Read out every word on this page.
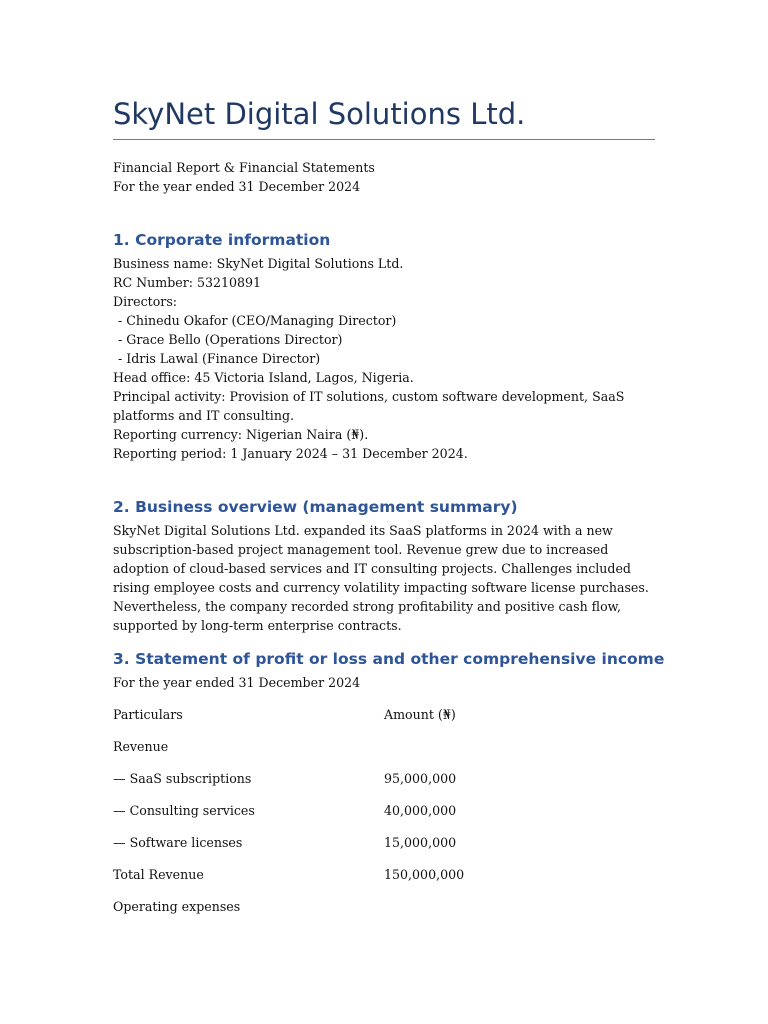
SkyNet Digital Solutions Ltd.
Financial Report & Financial Statements
For the year ended 31 December 2024
1. Corporate information
Business name: SkyNet Digital Solutions Ltd.
RC Number: 53210891
Directors:
- Chinedu Okafor (CEO/Managing Director)
- Grace Bello (Operations Director)
- Idris Lawal (Finance Director)
Head office: 45 Victoria Island, Lagos, Nigeria.
Principal activity: Provision of IT solutions, custom software development, SaaS platforms and IT consulting.
Reporting currency: Nigerian Naira (₦).
Reporting period: 1 January 2024 – 31 December 2024.
2. Business overview (management summary)
SkyNet Digital Solutions Ltd. expanded its SaaS platforms in 2024 with a new subscription-based project management tool. Revenue grew due to increased adoption of cloud-based services and IT consulting projects. Challenges included rising employee costs and currency volatility impacting software license purchases. Nevertheless, the company recorded strong profitability and positive cash flow, supported by long-term enterprise contracts.
3. Statement of profit or loss and other comprehensive income
For the year ended 31 December 2024
Particulars	Amount (₦)
Revenue
— SaaS subscriptions	95,000,000
— Consulting services	40,000,000
— Software licenses	15,000,000
Total Revenue	150,000,000
Operating expenses
